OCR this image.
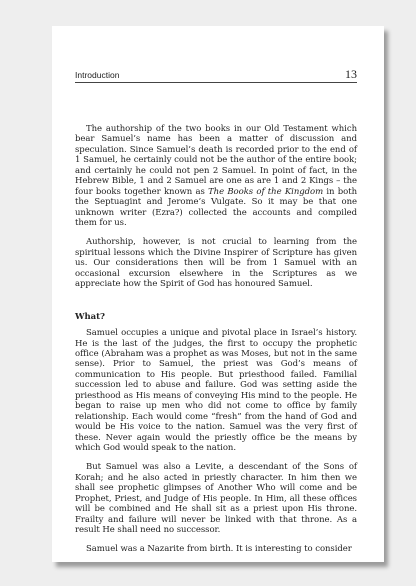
Introduction	13

The authorship of the two books in our Old Testament which bear Samuel’s name has been a matter of discussion and speculation. Since Samuel’s death is recorded prior to the end of 1 Samuel, he certainly could not be the author of the entire book; and certainly he could not pen 2 Samuel. In point of fact, in the Hebrew Bible, 1 and 2 Samuel are one as are 1 and 2 Kings – the four books together known as The Books of the Kingdom in both the Septuagint and Jerome’s Vulgate. So it may be that one unknown writer (Ezra?) collected the accounts and compiled them for us.

Authorship, however, is not crucial to learning from the spiritual lessons which the Divine Inspirer of Scripture has given us. Our considerations then will be from 1 Samuel with an occasional excursion elsewhere in the Scriptures as we appreciate how the Spirit of God has honoured Samuel.

What?

Samuel occupies a unique and pivotal place in Israel’s history. He is the last of the judges, the first to occupy the prophetic office (Abraham was a prophet as was Moses, but not in the same sense). Prior to Samuel, the priest was God’s means of communication to His people. But priesthood failed. Familial succession led to abuse and failure. God was setting aside the priesthood as His means of conveying His mind to the people. He began to raise up men who did not come to office by family relationship. Each would come “fresh” from the hand of God and would be His voice to the nation. Samuel was the very first of these. Never again would the priestly office be the means by which God would speak to the nation.

But Samuel was also a Levite, a descendant of the Sons of Korah; and he also acted in priestly character. In him then we shall see prophetic glimpses of Another Who will come and be Prophet, Priest, and Judge of His people. In Him, all these offices will be combined and He shall sit as a priest upon His throne. Frailty and failure will never be linked with that throne. As a result He shall need no successor.

Samuel was a Nazarite from birth. It is interesting to consider
